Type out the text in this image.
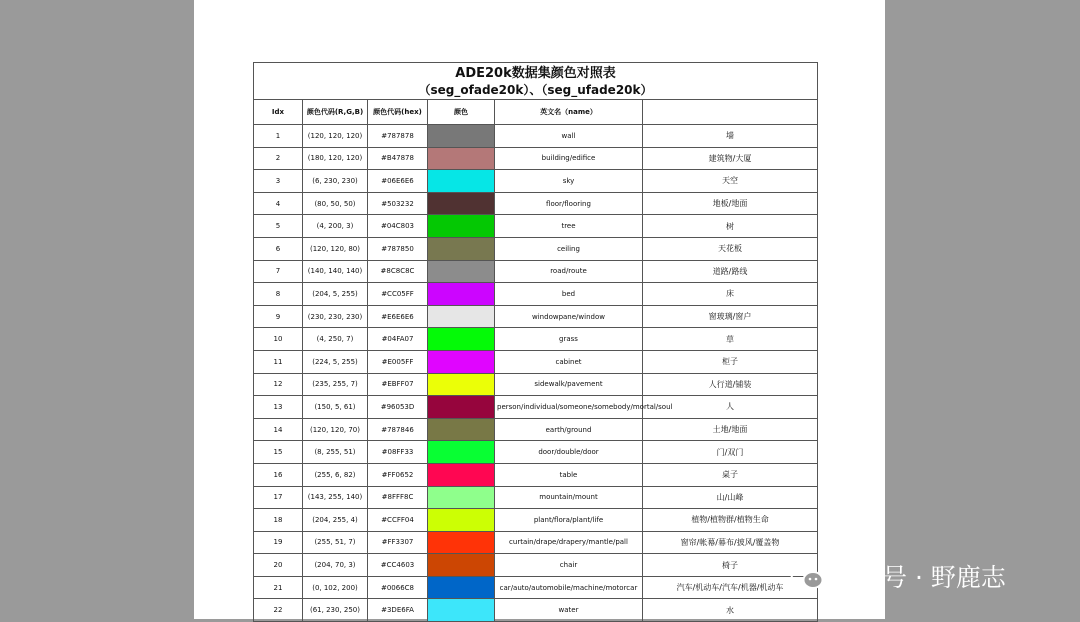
ADE20k数据集颜色对照表
（seg_ofade20k）、（seg_ufade20k）					

Idx	颜色代码(R,G,B)	颜色代码(hex)	颜色	英文名（name）	
1	(120, 120, 120)	#787878		wall	墙
2	(180, 120, 120)	#B47878		building/edifice	建筑物/大厦
3	(6, 230, 230)	#06E6E6		sky	天空
4	(80, 50, 50)	#503232		floor/flooring	地板/地面
5	(4, 200, 3)	#04C803		tree	树
6	(120, 120, 80)	#787850		ceiling	天花板
7	(140, 140, 140)	#8C8C8C		road/route	道路/路线
8	(204, 5, 255)	#CC05FF		bed	床
9	(230, 230, 230)	#E6E6E6		windowpane/window	窗玻璃/窗户
10	(4, 250, 7)	#04FA07		grass	草
11	(224, 5, 255)	#E005FF		cabinet	柜子
12	(235, 255, 7)	#EBFF07		sidewalk/pavement	人行道/铺装
13	(150, 5, 61)	#96053D		person/individual/someone/somebody/mortal/soul	人
14	(120, 120, 70)	#787846		earth/ground	土地/地面
15	(8, 255, 51)	#08FF33		door/double/door	门/双门
16	(255, 6, 82)	#FF0652		table	桌子
17	(143, 255, 140)	#8FFF8C		mountain/mount	山/山峰
18	(204, 255, 4)	#CCFF04		plant/flora/plant/life	植物/植物群/植物生命
19	(255, 51, 7)	#FF3307		curtain/drape/drapery/mantle/pall	窗帘/帐幕/幕布/披风/覆盖物
20	(204, 70, 3)	#CC4603		chair	椅子
21	(0, 102, 200)	#0066C8		car/auto/automobile/machine/motorcar	汽车/机动车/汽车/机器/机动车
22	(61, 230, 250)	#3DE6FA		water	水
公众号 · 野鹿志
